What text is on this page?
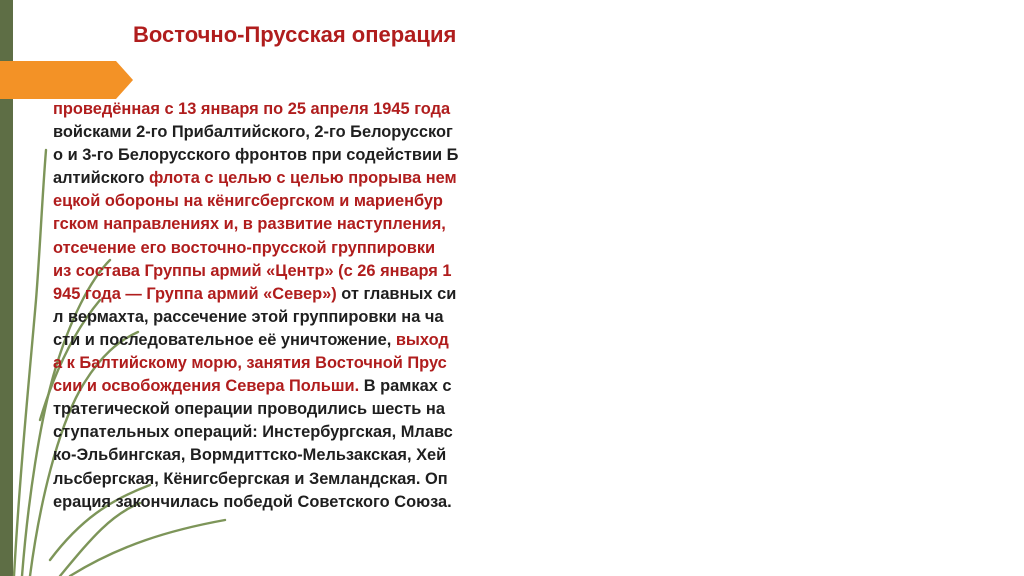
Восточно-Прусская операция

проведённая с 13 января по 25 апреля 1945 года
войсками 2-го Прибалтийского, 2-го Белорусског
о и 3-го Белорусского фронтов при содействии Б
алтийского флота с целью с целью прорыва нем
ецкой обороны на кёнигсбергском и мариенбур
гском направлениях и, в развитие наступления,
отсечение его восточно-прусской группировки
из состава Группы армий «Центр» (с 26 января 1
945 года — Группа армий «Север») от главных си
л вермахта, рассечение этой группировки на ча
сти и последовательное её уничтожение, выход
а к Балтийскому морю, занятия Восточной Прус
сии и освобождения Севера Польши. В рамках с
тратегической операции проводились шесть на
ступательных операций: Инстербургская, Млавс
ко-Эльбингская, Вормдиттско-Мельзакская, Хей
льсбергская, Кёнигсбергская и Земландская. Оп
ерация закончилась победой Советского Союза.
